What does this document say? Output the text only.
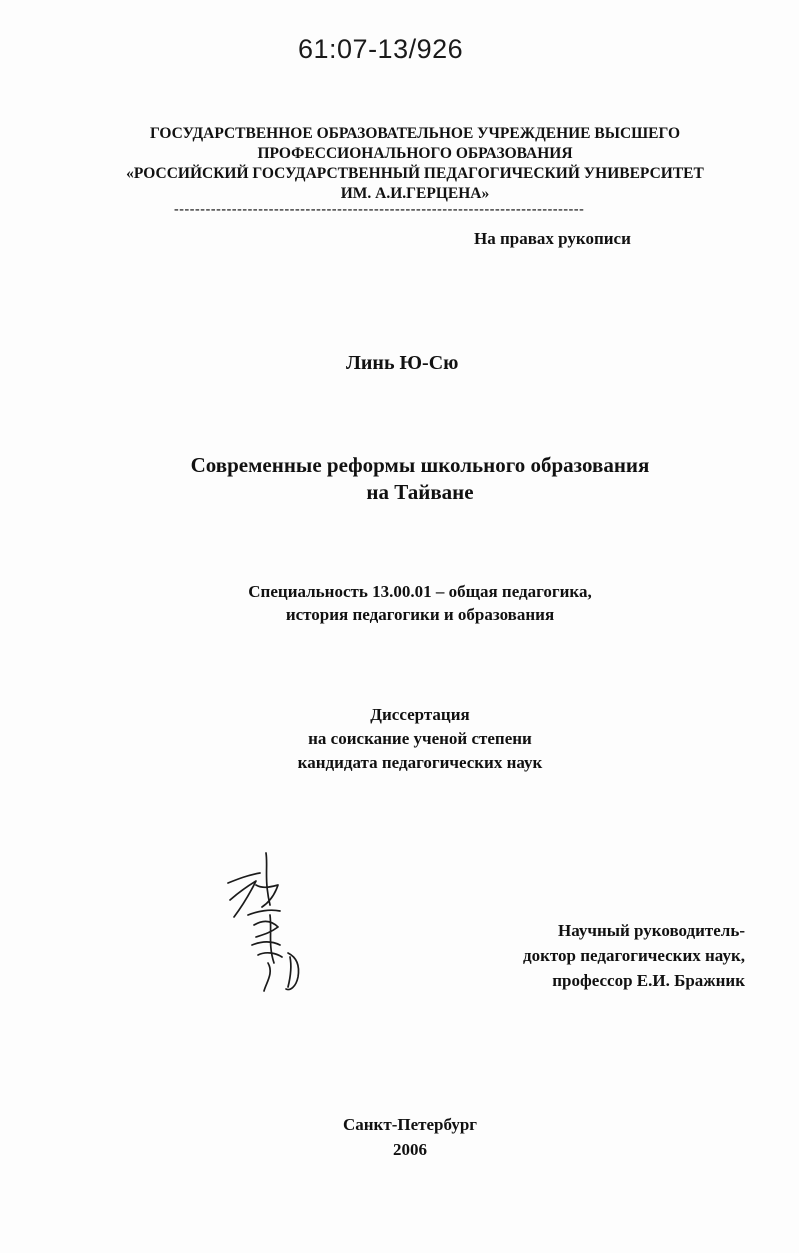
61:07-13/926
ГОСУДАРСТВЕННОЕ ОБРАЗОВАТЕЛЬНОЕ УЧРЕЖДЕНИЕ ВЫСШЕГО
ПРОФЕССИОНАЛЬНОГО ОБРАЗОВАНИЯ
«РОССИЙСКИЙ ГОСУДАРСТВЕННЫЙ ПЕДАГОГИЧЕСКИЙ УНИВЕРСИТЕТ
ИМ. А.И.ГЕРЦЕНА»
------------------------------------------------------------------------------
На правах рукописи
Линь Ю-Сю
Современные реформы школьного образования
на Тайване
Специальность 13.00.01 – общая педагогика,
история педагогики и образования
Диссертация
на соискание ученой степени
кандидата педагогических наук
Научный руководитель-
доктор педагогических наук,
профессор Е.И. Бражник
Санкт-Петербург
2006
